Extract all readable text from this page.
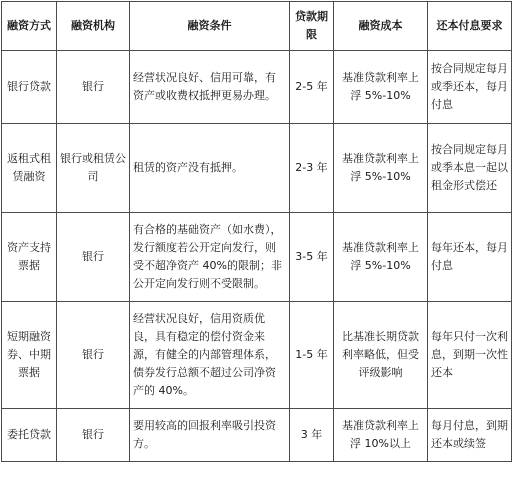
融资方式	融资机构	融资条件	贷款期限	融资成本	还本付息要求
银行贷款	银行	经营状况良好、信用可靠，有资产或收费权抵押更易办理。	2-5 年	基准贷款利率上浮 5%-10%	按合同规定每月或季还本，每月付息
返租式租赁融资	银行或租赁公司	租赁的资产没有抵押。	2-3 年	基准贷款利率上浮 5%-10%	按合同规定每月或季本息一起以租金形式偿还
资产支持票据	银行	有合格的基础资产（如水费），发行额度若公开定向发行，则受不超净资产 40%的限制；非公开定向发行则不受限制。	3-5 年	基准贷款利率上浮 5%-10%	每年还本，每月付息
短期融资券、中期票据	银行	经营状况良好，信用资质优良，具有稳定的偿付资金来源，有健全的内部管理体系，债券发行总额不超过公司净资产的 40%。	1-5 年	比基准长期贷款利率略低，但受评级影响	每年只付一次利息，到期一次性还本
委托贷款	银行	要用较高的回报利率吸引投资方。	3 年	基准贷款利率上浮 10%以上	每月付息，到期还本或续签
